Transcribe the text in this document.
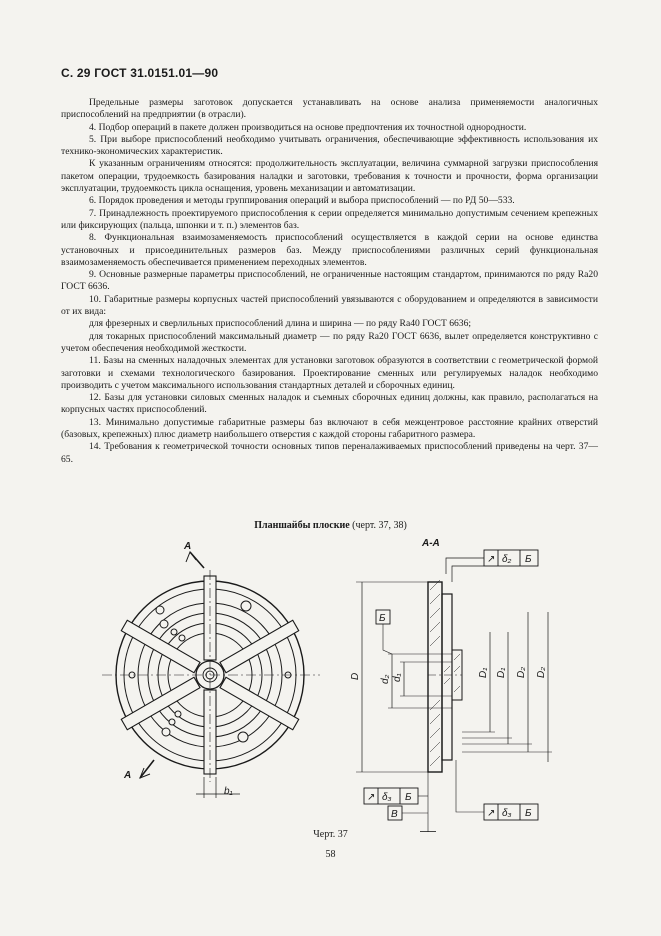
С. 29 ГОСТ 31.0151.01—90

Предельные размеры заготовок допускается устанавливать на основе анализа применяемости аналогичных приспособлений на предприятии (в отрасли).

4. Подбор операций в пакете должен производиться на основе предпочтения их точностной однородности.

5. При выборе приспособлений необходимо учитывать ограничения, обеспечивающие эффективность использования их технико-экономических характеристик.

К указанным ограничениям относятся: продолжительность эксплуатации, величина суммарной загрузки приспособления пакетом операции, трудоемкость базирования наладки и заготовки, требования к точности и прочности, форма организации эксплуатации, трудоемкость цикла оснащения, уровень механизации и автоматизации.

6. Порядок проведения и методы группирования операций и выбора приспособлений — по РД 50—533.

7. Принадлежность проектируемого приспособления к серии определяется минимально допустимым сечением крепежных или фиксирующих (пальца, шпонки и т. п.) элементов баз.

8. Функциональная взаимозаменяемость приспособлений осуществляется в каждой серии на основе единства установочных и присоединительных размеров баз. Между приспособлениями различных серий функциональная взаимозаменяемость обеспечивается применением переходных элементов.

9. Основные размерные параметры приспособлений, не ограниченные настоящим стандартом, принимаются по ряду Ra20 ГОСТ 6636.

10. Габаритные размеры корпусных частей приспособлений увязываются с оборудованием и определяются в зависимости от их вида:

для фрезерных и сверлильных приспособлений длина и ширина — по ряду Ra40 ГОСТ 6636;

для токарных приспособлений максимальный диаметр — по ряду Ra20 ГОСТ 6636, вылет определяется конструктивно с учетом обеспечения необходимой жесткости.

11. Базы на сменных наладочных элементах для установки заготовок образуются в соответствии с геометрической формой заготовки и схемами технологического базирования. Проектирование сменных или регулируемых наладок необходимо производить с учетом максимального использования стандартных деталей и сборочных единиц.

12. Базы для установки силовых сменных наладок и съемных сборочных единиц должны, как правило, располагаться на корпусных частях приспособлений.

13. Минимально допустимые габаритные размеры баз включают в себя межцентровое расстояние крайних отверстий (базовых, крепежных) плюс диаметр наибольшего отверстия с каждой стороны габаритного размера.

14. Требования к геометрической точности основных типов переналаживаемых приспособлений приведены на черт. 37—65.

Планшайбы плоские (черт. 37, 38)
А
А
b₁
А-А
D d₂ d₁	D₁ D₁ D₂ D₂
Б
В
↗ δ₂ Б
↗ δ₃ Б
↗ δ₃ Б
Черт. 37
58
